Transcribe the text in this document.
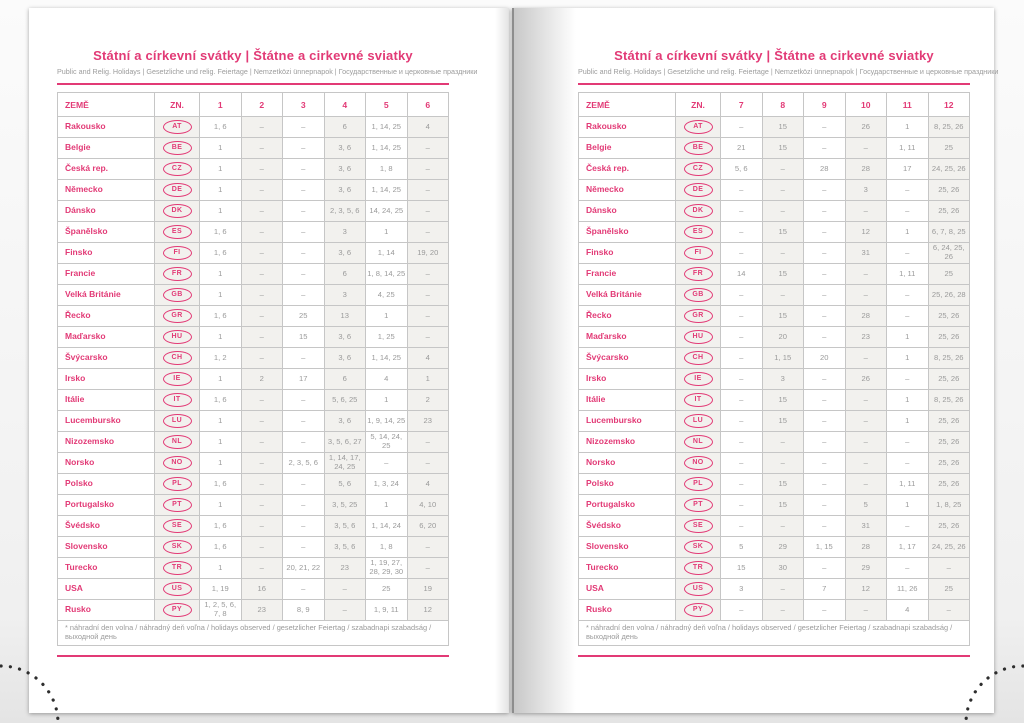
Státní a církevní svátky | Štátne a cirkevné sviatky
Public and Relig. Holidays | Gesetzliche und relig. Feiertage | Nemzetközi ünnepnapok | Государственные и церковные праздники
ZEMĚ	ZN.	1	2	3	4	5	6
Rakousko	AT	1, 6	–	–	6	1, 14, 25	4
Belgie	BE	1	–	–	3, 6	1, 14, 25	–
Česká rep.	CZ	1	–	–	3, 6	1, 8	–
Německo	DE	1	–	–	3, 6	1, 14, 25	–
Dánsko	DK	1	–	–	2, 3, 5, 6	14, 24, 25	–
Španělsko	ES	1, 6	–	–	3	1	–
Finsko	FI	1, 6	–	–	3, 6	1, 14	19, 20
Francie	FR	1	–	–	6	1, 8, 14, 25	–
Velká Británie	GB	1	–	–	3	4, 25	–
Řecko	GR	1, 6	–	25	13	1	–
Maďarsko	HU	1	–	15	3, 6	1, 25	–
Švýcarsko	CH	1, 2	–	–	3, 6	1, 14, 25	4
Irsko	IE	1	2	17	6	4	1
Itálie	IT	1, 6	–	–	5, 6, 25	1	2
Lucembursko	LU	1	–	–	3, 6	1, 9, 14, 25	23
Nizozemsko	NL	1	–	–	3, 5, 6, 27	5, 14, 24, 25	–
Norsko	NO	1	–	2, 3, 5, 6	1, 14, 17, 24, 25	–	–
Polsko	PL	1, 6	–	–	5, 6	1, 3, 24	4
Portugalsko	PT	1	–	–	3, 5, 25	1	4, 10
Švédsko	SE	1, 6	–	–	3, 5, 6	1, 14, 24	6, 20
Slovensko	SK	1, 6	–	–	3, 5, 6	1, 8	–
Turecko	TR	1	–	20, 21, 22	23	1, 19, 27, 28, 29, 30	–
USA	US	1, 19	16	–	–	25	19
Rusko	PY	1, 2, 5, 6, 7, 8	23	8, 9	–	1, 9, 11	12
* náhradní den volna / náhradný deň voľna / holidays observed / gesetzlicher Feiertag / szabadnapi szabadság / выходной день							
Státní a církevní svátky | Štátne a cirkevné sviatky
Public and Relig. Holidays | Gesetzliche und relig. Feiertage | Nemzetközi ünnepnapok | Государственные и церковные праздники
ZEMĚ	ZN.	7	8	9	10	11	12
Rakousko	AT	–	15	–	26	1	8, 25, 26
Belgie	BE	21	15	–	–	1, 11	25
Česká rep.	CZ	5, 6	–	28	28	17	24, 25, 26
Německo	DE	–	–	–	3	–	25, 26
Dánsko	DK	–	–	–	–	–	25, 26
Španělsko	ES	–	15	–	12	1	6, 7, 8, 25
Finsko	FI	–	–	–	31	–	6, 24, 25, 26
Francie	FR	14	15	–	–	1, 11	25
Velká Británie	GB	–	–	–	–	–	25, 26, 28
Řecko	GR	–	15	–	28	–	25, 26
Maďarsko	HU	–	20	–	23	1	25, 26
Švýcarsko	CH	–	1, 15	20	–	1	8, 25, 26
Irsko	IE	–	3	–	26	–	25, 26
Itálie	IT	–	15	–	–	1	8, 25, 26
Lucembursko	LU	–	15	–	–	1	25, 26
Nizozemsko	NL	–	–	–	–	–	25, 26
Norsko	NO	–	–	–	–	–	25, 26
Polsko	PL	–	15	–	–	1, 11	25, 26
Portugalsko	PT	–	15	–	5	1	1, 8, 25
Švédsko	SE	–	–	–	31	–	25, 26
Slovensko	SK	5	29	1, 15	28	1, 17	24, 25, 26
Turecko	TR	15	30	–	29	–	–
USA	US	3	–	7	12	11, 26	25
Rusko	PY	–	–	–	–	4	–
* náhradní den volna / náhradný deň voľna / holidays observed / gesetzlicher Feiertag / szabadnapi szabadság / выходной день							
